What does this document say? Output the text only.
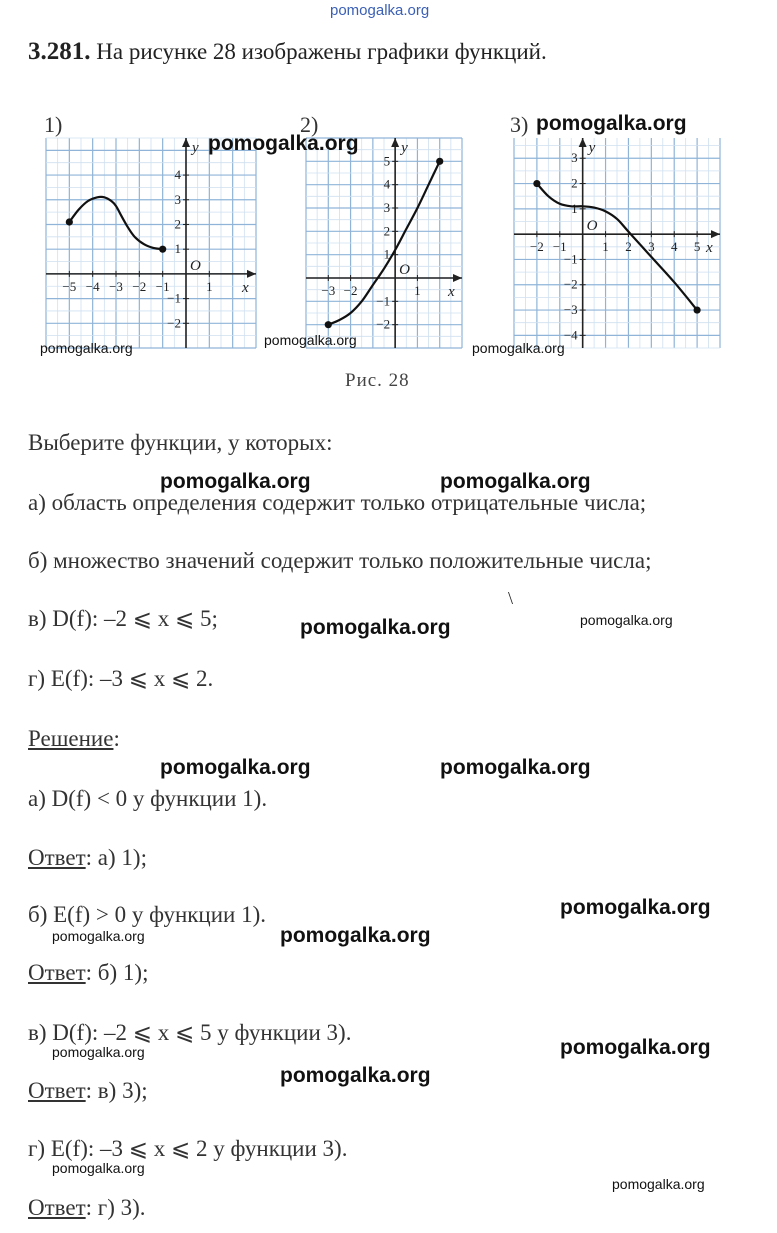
pomogalka.org
3.281. На рисунке 28 изображены графики функций.
1)	2)	3)
x
y
O
−5 −4 −3 −2 −1	1
−2
−1
1
2
3
4
x
y
O
−3 −2	1
−2
−1
1
2
3
4
5
x
y
O
−2 −1	1 2 3 4 5
−4
−3
−2
−1
1
2
3
Рис. 28
Выберите функции, у которых:
а) область определения содержит только отрицательные числа;
б) множество значений содержит только положительные числа;
в) D(f): –2 ⩽ x ⩽ 5;
г) E(f): –3 ⩽ x ⩽ 2.
Решение:
а) D(f) < 0 у функции 1).
Ответ: а) 1);
б) E(f) > 0 у функции 1).
Ответ: б) 1);
в) D(f): –2 ⩽ x ⩽ 5 у функции 3).
Ответ: в) 3);
г) E(f): –3 ⩽ x ⩽ 2 у функции 3).
Ответ: г) 3).
\
pomogalka.org
pomogalka.org
pomogalka.org	pomogalka.org	pomogalka.org
pomogalka.org	pomogalka.org
pomogalka.org	pomogalka.org
pomogalka.org	pomogalka.org
pomogalka.org
pomogalka.org	pomogalka.org
pomogalka.org	pomogalka.org
pomogalka.org
pomogalka.org
pomogalka.org
